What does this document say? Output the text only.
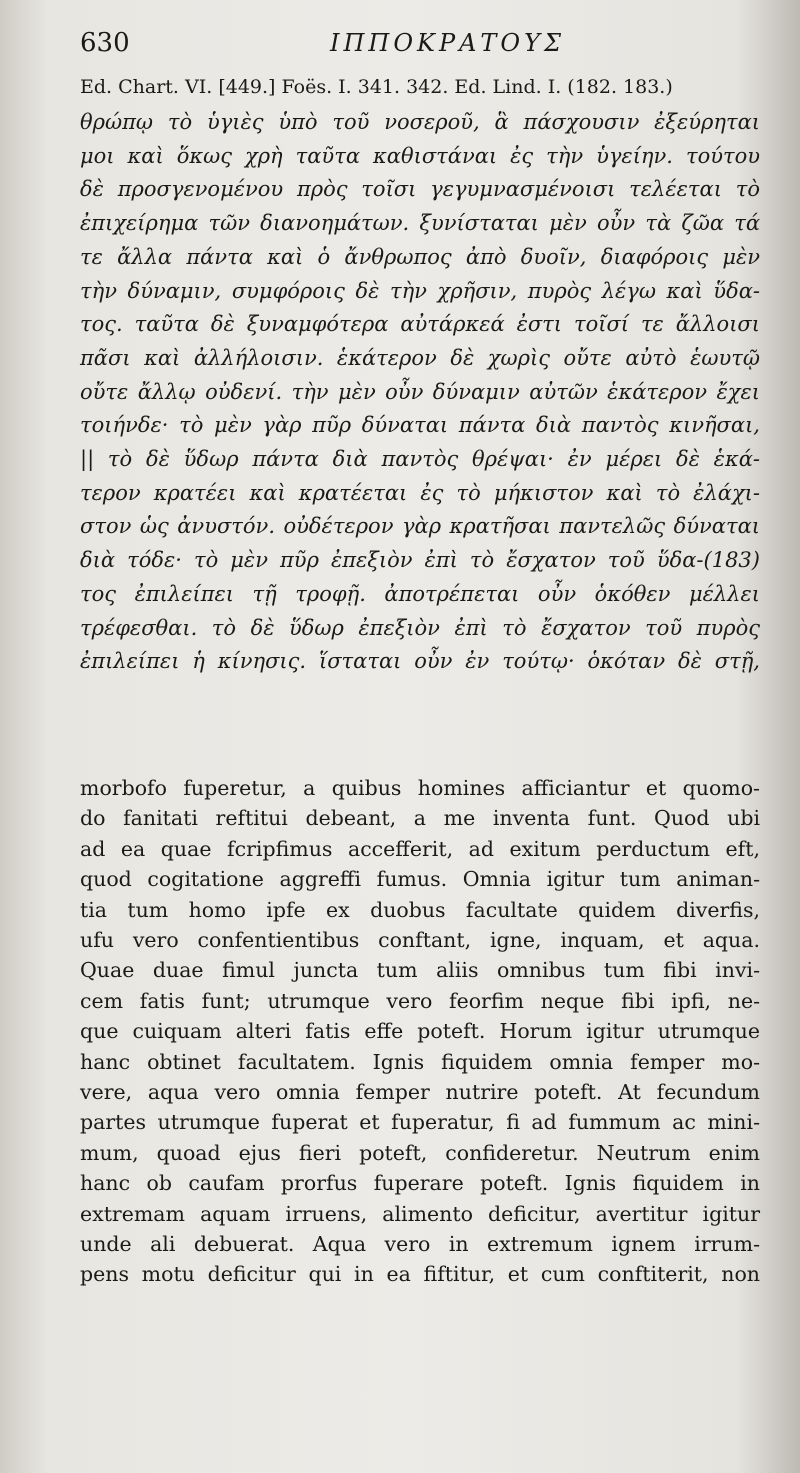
630	ΙΠΠΟΚΡΑΤΟΥΣ
Ed. Chart. VI. [449.] Foës. I. 341. 342. Ed. Lind. I. (182. 183.)
θρώπῳ τὸ ὑγιὲς ὑπὸ τοῦ νοσεροῦ, ἃ πάσχουσιν ἐξεύρηται
μοι καὶ ὅκως χρὴ ταῦτα καθιστάναι ἐς τὴν ὑγείην. τούτου
δὲ προσγενομένου πρὸς τοῖσι γεγυμνασμένοισι τελέεται τὸ
ἐπιχείρημα τῶν διανοημάτων. ξυνίσταται μὲν οὖν τὰ ζῶα τά
τε ἄλλα πάντα καὶ ὁ ἄνθρωπος ἀπὸ δυοῖν, διαφόροις μὲν
τὴν δύναμιν, συμφόροις δὲ τὴν χρῆσιν, πυρὸς λέγω καὶ ὕδα-
τος. ταῦτα δὲ ξυναμφότερα αὐτάρκεά ἐστι τοῖσί τε ἄλλοισι
πᾶσι καὶ ἀλλήλοισιν. ἑκάτερον δὲ χωρὶς οὔτε αὐτὸ ἑωυτῷ
οὔτε ἄλλῳ οὐδενί. τὴν μὲν οὖν δύναμιν αὐτῶν ἑκάτερον ἔχει
τοιήνδε· τὸ μὲν γὰρ πῦρ δύναται πάντα διὰ παντὸς κινῆσαι,
|| τὸ δὲ ὕδωρ πάντα διὰ παντὸς θρέψαι· ἐν μέρει δὲ ἑκά-
τερον κρατέει καὶ κρατέεται ἐς τὸ μήκιστον καὶ τὸ ἐλάχι-
στον ὡς ἀνυστόν. οὐδέτερον γὰρ κρατῆσαι παντελῶς δύναται
διὰ τόδε· τὸ μὲν πῦρ ἐπεξιὸν ἐπὶ τὸ ἔσχατον τοῦ ὕδα-(183)
τος ἐπιλείπει τῇ τροφῇ. ἀποτρέπεται οὖν ὁκόθεν μέλλει
τρέφεσθαι. τὸ δὲ ὕδωρ ἐπεξιὸν ἐπὶ τὸ ἔσχατον τοῦ πυρὸς
ἐπιλείπει ἡ κίνησις. ἵσταται οὖν ἐν τούτῳ· ὁκόταν δὲ στῇ,
morbofo fuperetur, a quibus homines afficiantur et quomo-
do fanitati reftitui debeant, a me inventa funt. Quod ubi
ad ea quae fcripfimus accefferit, ad exitum perductum eft,
quod cogitatione aggreffi fumus. Omnia igitur tum animan-
tia tum homo ipfe ex duobus facultate quidem diverfis,
ufu vero confentientibus conftant, igne, inquam, et aqua.
Quae duae fimul juncta tum aliis omnibus tum fibi invi-
cem fatis funt; utrumque vero feorfim neque fibi ipfi, ne-
que cuiquam alteri fatis effe poteft. Horum igitur utrumque
hanc obtinet facultatem. Ignis fiquidem omnia femper mo-
vere, aqua vero omnia femper nutrire poteft. At fecundum
partes utrumque fuperat et fuperatur, fi ad fummum ac mini-
mum, quoad ejus fieri poteft, confideretur. Neutrum enim
hanc ob caufam prorfus fuperare poteft. Ignis fiquidem in
extremam aquam irruens, alimento deficitur, avertitur igitur
unde ali debuerat. Aqua vero in extremum ignem irrum-
pens motu deficitur qui in ea fiftitur, et cum conftiterit, non
